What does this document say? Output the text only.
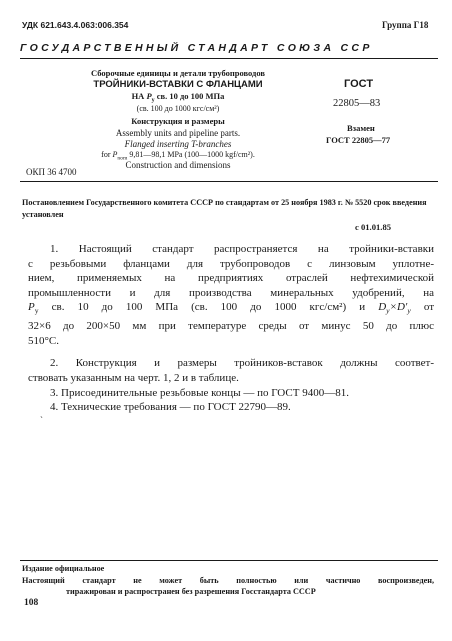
УДК 621.643.4.063:006.354	Группа Г18
ГОСУДАРСТВЕННЫЙ СТАНДАРТ СОЮЗА ССР
Сборочные единицы и детали трубопроводов
ТРОЙНИКИ-ВСТАВКИ С ФЛАНЦАМИ
НА $P_у$ св. 10 до 100 МПа
(св. 100 до 1000 кгс/см²)
Конструкция и размеры
Assembly units and pipeline parts.
Flanged inserting T-branches
for $P_{nom}$ 9,81—98,1 MPa (100—1000 kgf/cm²).
Construction and dimensions
ГОСТ
22805—83
Взамен
ГОСТ 22805—77
ОКП 36 4700
Постановлением Государственного комитета СССР по стандартам от 25 ноября 1983 г. № 5520 срок введения установлен
с 01.01.85
1. Настоящий стандарт распространяется на тройники-вставки
с резьбовыми фланцами для трубопроводов с линзовым уплотне-
нием, применяемых на предприятиях отраслей нефтехимической
промышленности и для производства минеральных удобрений, на
$P_у$ св. 10 до 100 МПа (св. 100 до 1000 кгс/см²) и $D_y\times D'_y$ от
32×6 до 200×50 мм при температуре среды от минус 50 до плюс
510°С.
2. Конструкция и размеры тройников-вставок должны соответ-
ствовать указанным на черт. 1, 2 и в таблице.
3. Присоединительные резьбовые концы — по ГОСТ 9400—81.
4. Технические требования — по ГОСТ 22790—89.
ˎ
Издание официальное
Настоящий стандарт не может быть полностью или частично воспроизведен,
тиражирован и распространен без разрешения Госстандарта СССР
108
